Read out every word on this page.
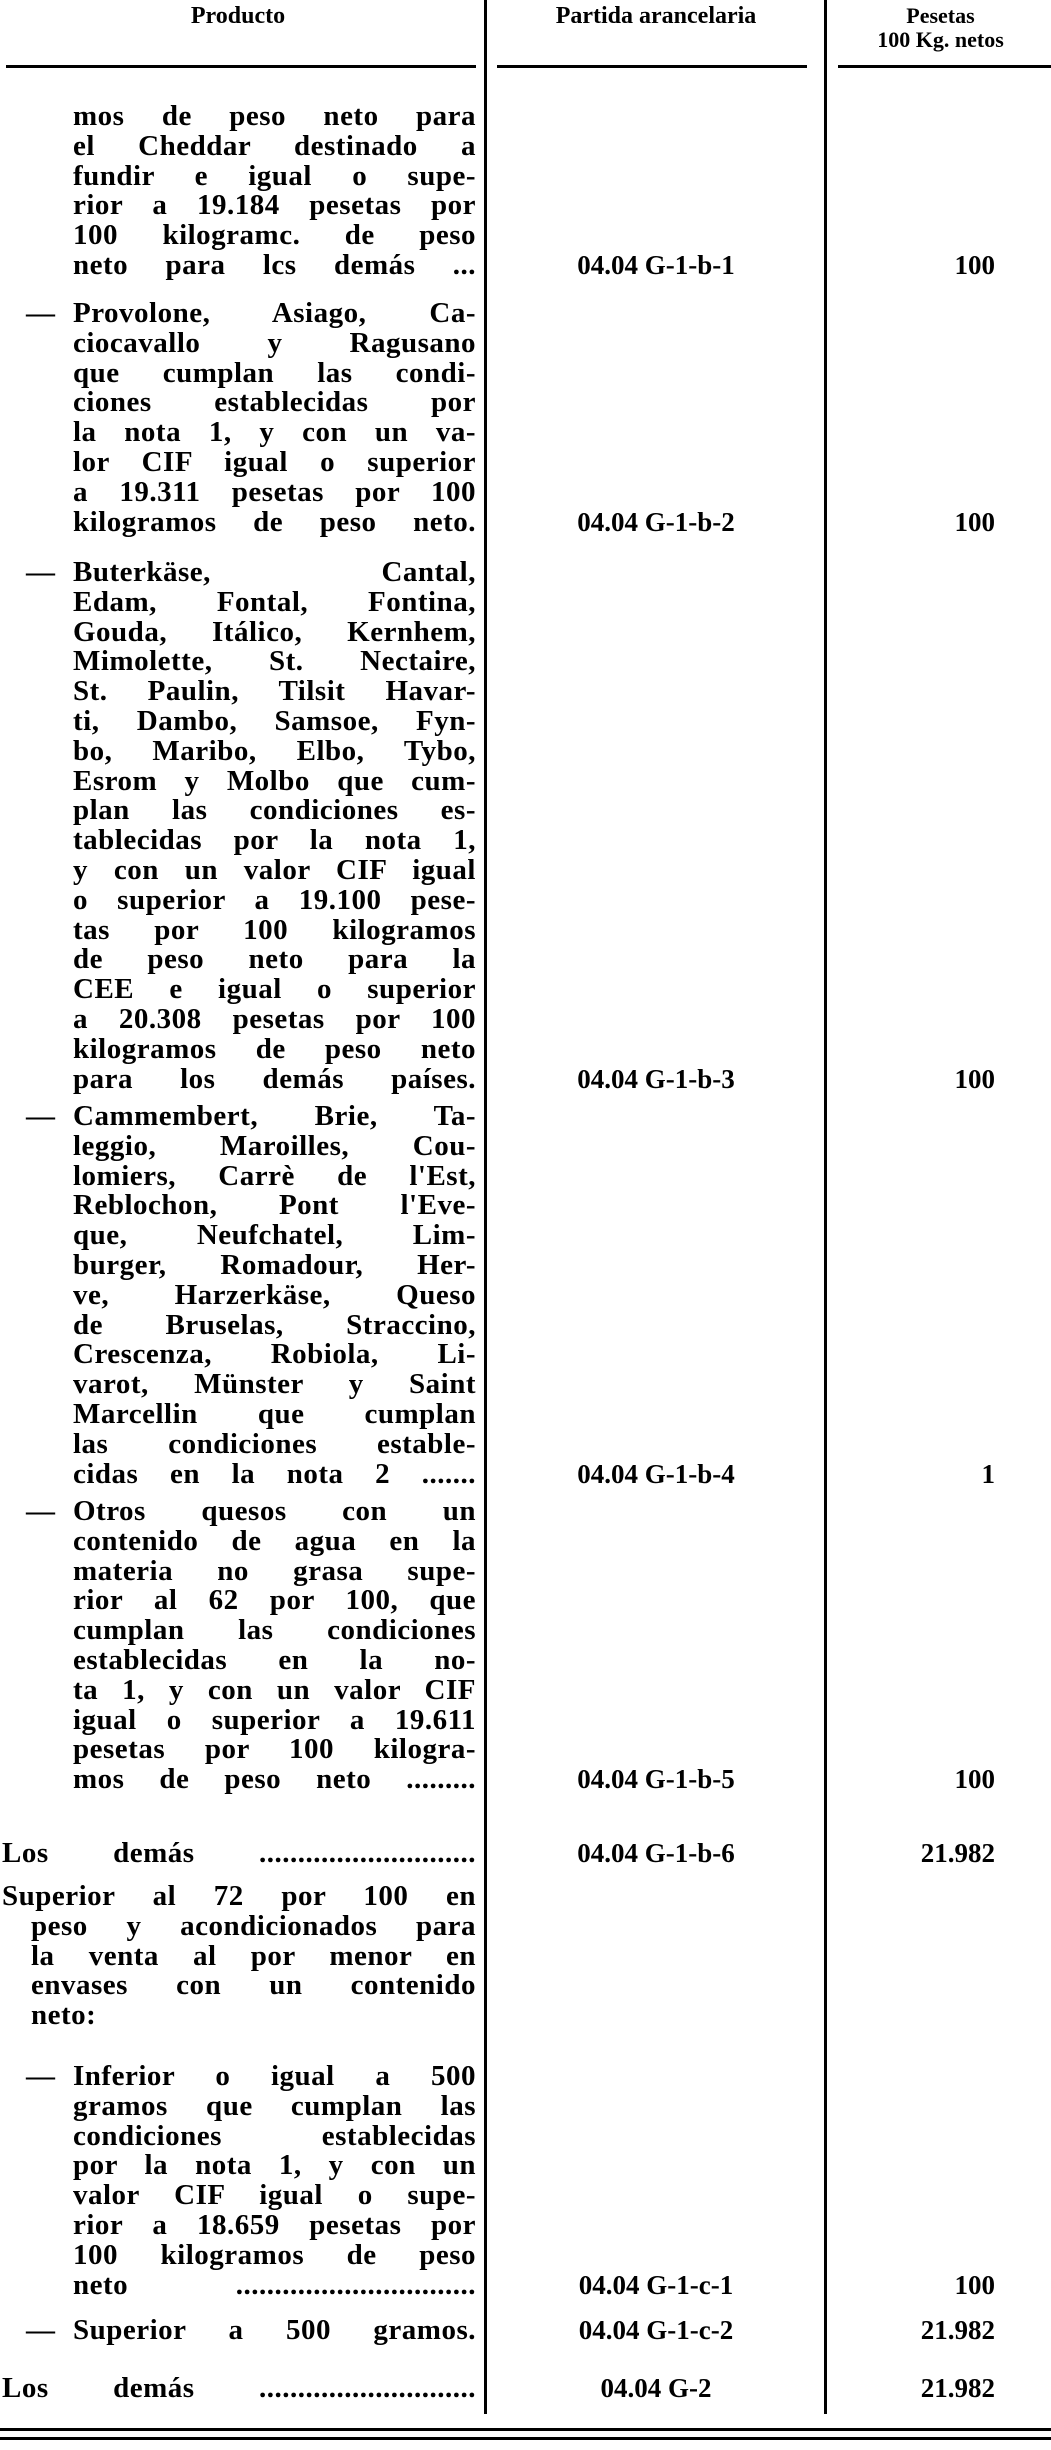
Producto	Partida arancelaria	Pesetas
100 Kg. netos
mos de peso neto para
el Cheddar destinado a
fundir e igual o supe-
rior a 19.184 pesetas por
100 kilogramc. de peso
neto para lcs demás ...	04.04 G-1-b-1	100
— Provolone, Asiago, Ca-
ciocavallo y Ragusano
que cumplan las condi-
ciones establecidas por
la nota 1, y con un va-
lor CIF igual o superior
a 19.311 pesetas por 100
kilogramos de peso neto.	04.04 G-1-b-2	100
— Buterkäse, Cantal,
Edam, Fontal, Fontina,
Gouda, Itálico, Kernhem,
Mimolette, St. Nectaire,
St. Paulin, Tilsit Havar-
ti, Dambo, Samsoe, Fyn-
bo, Maribo, Elbo, Tybo,
Esrom y Molbo que cum-
plan las condiciones es-
tablecidas por la nota 1,
y con un valor CIF igual
o superior a 19.100 pese-
tas por 100 kilogramos
de peso neto para la
CEE e igual o superior
a 20.308 pesetas por 100
kilogramos de peso neto
para los demás países.	04.04 G-1-b-3	100
— Cammembert, Brie, Ta-
leggio, Maroilles, Cou-
lomiers, Carrè de l'Est,
Reblochon, Pont l'Eve-
que, Neufchatel, Lim-
burger, Romadour, Her-
ve, Harzerkäse, Queso
de Bruselas, Straccino,
Crescenza, Robiola, Li-
varot, Münster y Saint
Marcellin que cumplan
las condiciones estable-
cidas en la nota 2 .......	04.04 G-1-b-4	1
— Otros quesos con un
contenido de agua en la
materia no grasa supe-
rior al 62 por 100, que
cumplan las condiciones
establecidas en la no-
ta 1, y con un valor CIF
igual o superior a 19.611
pesetas por 100 kilogra-
mos de peso neto .........	04.04 G-1-b-5	100
Los demás ............................	04.04 G-1-b-6	21.982
Superior al 72 por 100 en
peso y acondicionados para
la venta al por menor en
envases con un contenido
neto:
— Inferior o igual a 500
gramos que cumplan las
condiciones establecidas
por la nota 1, y con un
valor CIF igual o supe-
rior a 18.659 pesetas por
100 kilogramos de peso
neto ...............................	04.04 G-1-c-1	100
— Superior a 500 gramos.	04.04 G-1-c-2	21.982
Los demás ............................	04.04 G-2	21.982
